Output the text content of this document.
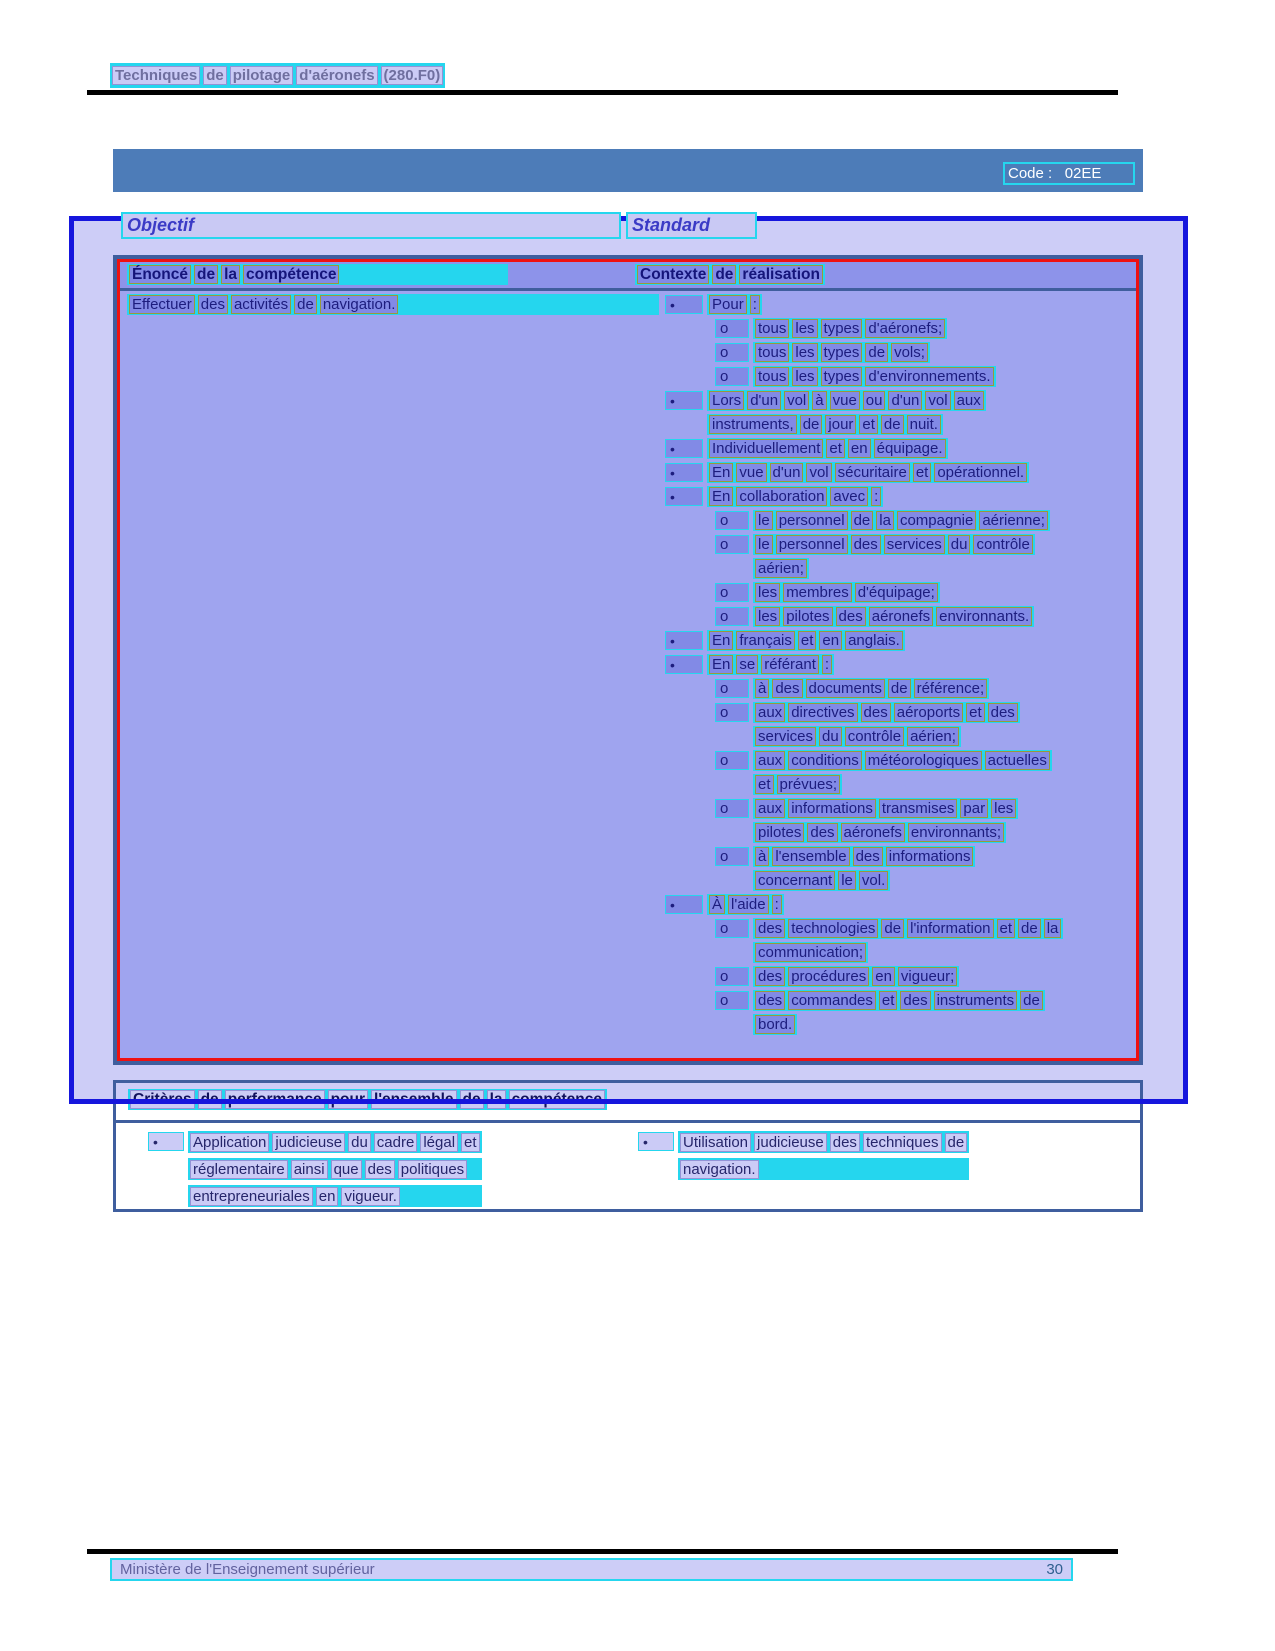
Techniques de pilotage d'aéronefs (280.F0)
Code :   02EE
Objectif	Standard
Énoncé de la compétence	Contexte de réalisation
Effectuer des activités de navigation.	•	Pour :
o	tous les types d'aéronefs;
o	tous les types de vols;
o	tous les types d'environnements.
•	Lors d'un vol à vue ou d'un vol aux
instruments, de jour et de nuit.
•	Individuellement et en équipage.
•	En vue d'un vol sécuritaire et opérationnel.
•	En collaboration avec :
o	le personnel de la compagnie aérienne;
o	le personnel des services du contrôle
aérien;
o	les membres d'équipage;
o	les pilotes des aéronefs environnants.
•	En français et en anglais.
•	En se référant :
o	à des documents de référence;
o	aux directives des aéroports et des
services du contrôle aérien;
o	aux conditions météorologiques actuelles
et prévues;
o	aux informations transmises par les
pilotes des aéronefs environnants;
o	à l'ensemble des informations
concernant le vol.
•	À l'aide :
o	des technologies de l'information et de la
communication;
o	des procédures en vigueur;
o	des commandes et des instruments de
bord.
•	Application judicieuse du cadre légal et
réglementaire ainsi que des politiques
entrepreneuriales en vigueur.
•	Utilisation judicieuse des techniques de
navigation.
Ministère de l'Enseignement supérieur	30
